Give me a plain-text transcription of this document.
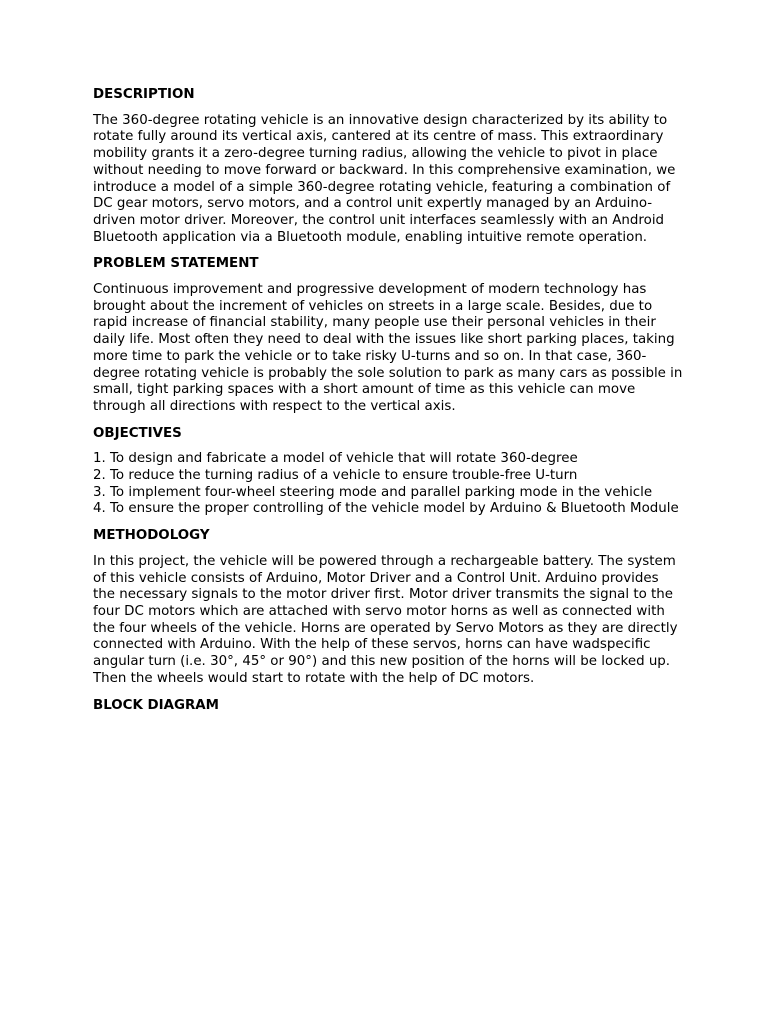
DESCRIPTION
The 360-degree rotating vehicle is an innovative design characterized by its ability to rotate fully around its vertical axis, cantered at its centre of mass. This extraordinary mobility grants it a zero-degree turning radius, allowing the vehicle to pivot in place without needing to move forward or backward. In this comprehensive examination, we introduce a model of a simple 360-degree rotating vehicle, featuring a combination of DC gear motors, servo motors, and a control unit expertly managed by an Arduino-driven motor driver. Moreover, the control unit interfaces seamlessly with an Android Bluetooth application via a Bluetooth module, enabling intuitive remote operation.
PROBLEM STATEMENT
Continuous improvement and progressive development of modern technology has brought about the increment of vehicles on streets in a large scale. Besides, due to rapid increase of financial stability, many people use their personal vehicles in their daily life. Most often they need to deal with the issues like short parking places, taking more time to park the vehicle or to take risky U-turns and so on. In that case, 360-degree rotating vehicle is probably the sole solution to park as many cars as possible in small, tight parking spaces with a short amount of time as this vehicle can move through all directions with respect to the vertical axis.
OBJECTIVES
1. To design and fabricate a model of vehicle that will rotate 360-degree
2. To reduce the turning radius of a vehicle to ensure trouble-free U-turn
3. To implement four-wheel steering mode and parallel parking mode in the vehicle
4. To ensure the proper controlling of the vehicle model by Arduino & Bluetooth Module
METHODOLOGY
In this project, the vehicle will be powered through a rechargeable battery. The system of this vehicle consists of Arduino, Motor Driver and a Control Unit. Arduino provides the necessary signals to the motor driver first. Motor driver transmits the signal to the four DC motors which are attached with servo motor horns as well as connected with the four wheels of the vehicle. Horns are operated by Servo Motors as they are directly connected with Arduino. With the help of these servos, horns can have wadspecific angular turn (i.e. 30°, 45° or 90°) and this new position of the horns will be locked up. Then the wheels would start to rotate with the help of DC motors.
BLOCK DIAGRAM
